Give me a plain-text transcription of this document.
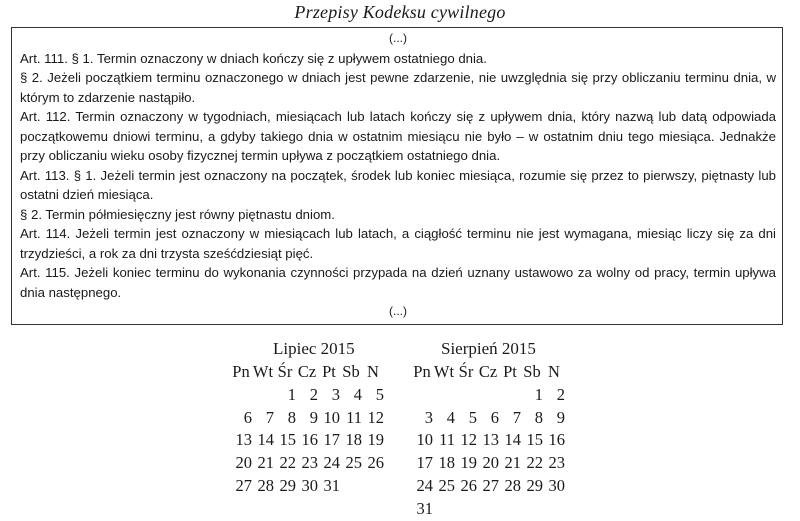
Przepisy Kodeksu cywilnego
(...)

Art. 111. § 1. Termin oznaczony w dniach kończy się z upływem ostatniego dnia.

§ 2. Jeżeli początkiem terminu oznaczonego w dniach jest pewne zdarzenie, nie uwzględnia się przy obliczaniu terminu dnia, w którym to zdarzenie nastąpiło.

Art. 112. Termin oznaczony w tygodniach, miesiącach lub latach kończy się z upływem dnia, który nazwą lub datą odpowiada początkowemu dniowi terminu, a gdyby takiego dnia w ostatnim miesiącu nie było – w ostatnim dniu tego miesiąca. Jednakże przy obliczaniu wieku osoby fizycznej termin upływa z początkiem ostatniego dnia.

Art. 113. § 1. Jeżeli termin jest oznaczony na początek, środek lub koniec miesiąca, rozumie się przez to pierwszy, piętnasty lub ostatni dzień miesiąca.

§ 2. Termin półmiesięczny jest równy piętnastu dniom.

Art. 114. Jeżeli termin jest oznaczony w miesiącach lub latach, a ciągłość terminu nie jest wymagana, miesiąc liczy się za dni trzydzieści, a rok za dni trzysta sześćdziesiąt pięć.

Art. 115. Jeżeli koniec terminu do wykonania czynności przypada na dzień uznany ustawowo za wolny od pracy, termin upływa dnia następnego.

(...)
Lipiec 2015
Pn Wt Śr Cz Pt Sb N
1 2 3 4 5
6 7 8 9 10 11 12
13 14 15 16 17 18 19
20 21 22 23 24 25 26
27 28 29 30 31
Sierpień 2015
Pn Wt Śr Cz Pt Sb N
1 2
3 4 5 6 7 8 9
10 11 12 13 14 15 16
17 18 19 20 21 22 23
24 25 26 27 28 29 30
31
